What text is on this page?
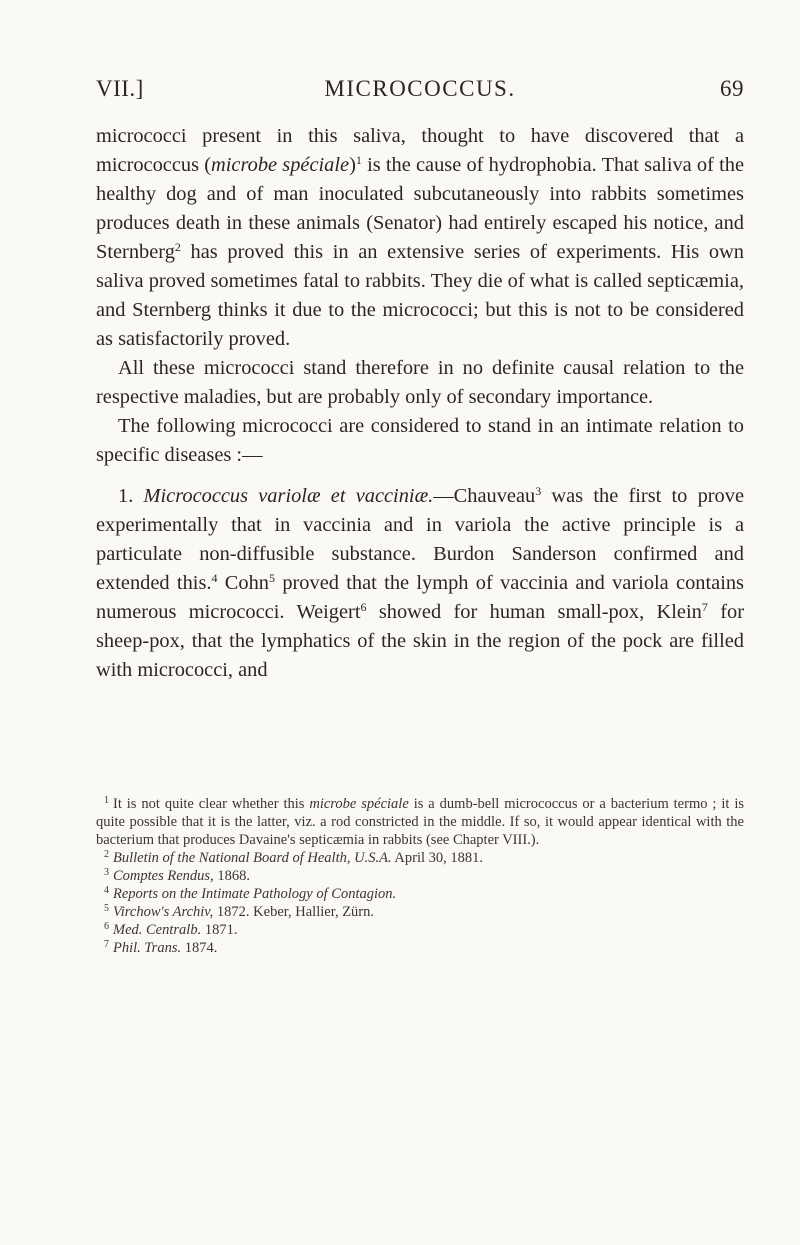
VII.]	MICROCOCCUS.	69

micrococci present in this saliva, thought to have discovered that a micrococcus (microbe spéciale)$^1$ is the cause of hydrophobia. That saliva of the healthy dog and of man inoculated subcutaneously into rabbits sometimes produces death in these animals (Senator) had entirely escaped his notice, and Sternberg$^2$ has proved this in an extensive series of experiments. His own saliva proved sometimes fatal to rabbits. They die of what is called septicæmia, and Sternberg thinks it due to the micrococci; but this is not to be considered as satisfactorily proved.

All these micrococci stand therefore in no definite causal relation to the respective maladies, but are probably only of secondary importance.

The following micrococci are considered to stand in an intimate relation to specific diseases :—

1. Micrococcus variolæ et vacciniæ.—Chauveau$^3$ was the first to prove experimentally that in vaccinia and in variola the active principle is a particulate non-diffusible substance. Burdon Sanderson confirmed and extended this.$^4$ Cohn$^5$ proved that the lymph of vaccinia and variola contains numerous micrococci. Weigert$^6$ showed for human small-pox, Klein$^7$ for sheep-pox, that the lymphatics of the skin in the region of the pock are filled with micrococci, and

$^1$ It is not quite clear whether this microbe spéciale is a dumb-bell micrococcus or a bacterium termo ; it is quite possible that it is the latter, viz. a rod constricted in the middle. If so, it would appear identical with the bacterium that produces Davaine's septicæmia in rabbits (see Chapter VIII.).

$^2$ Bulletin of the National Board of Health, U.S.A. April 30, 1881.

$^3$ Comptes Rendus, 1868.

$^4$ Reports on the Intimate Pathology of Contagion.

$^5$ Virchow's Archiv, 1872. Keber, Hallier, Zürn.

$^6$ Med. Centralb. 1871.

$^7$ Phil. Trans. 1874.
